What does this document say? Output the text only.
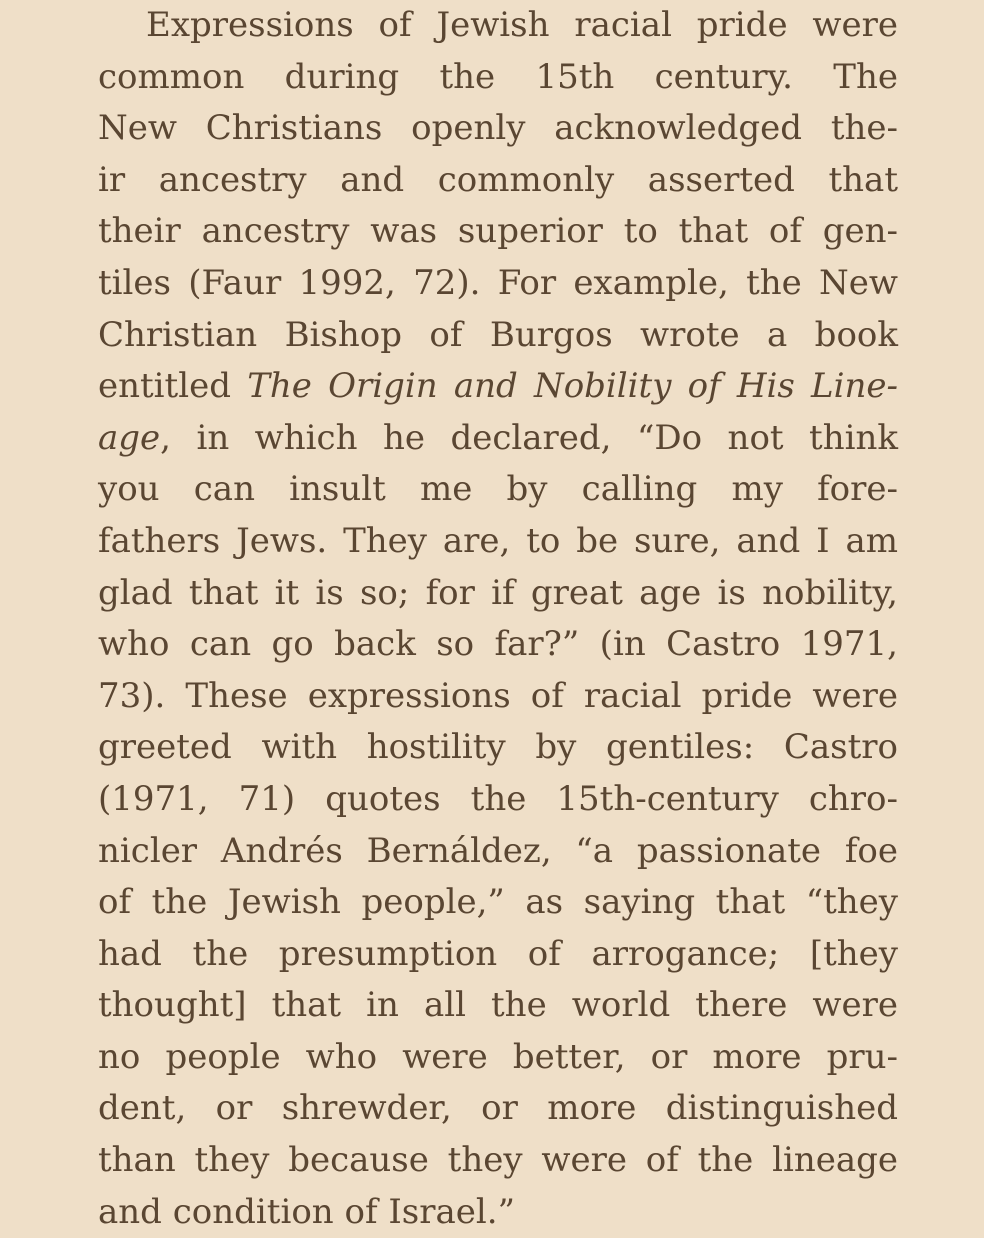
Expressions of Jewish racial pride were
common during the 15th century. The
New Christians openly acknowledged the-
ir ancestry and commonly asserted that
their ancestry was superior to that of gen-
tiles (Faur 1992, 72). For example, the New
Christian Bishop of Burgos wrote a book
entitled The Origin and Nobility of His Line-
age, in which he declared, “Do not think
you can insult me by calling my fore-
fathers Jews. They are, to be sure, and I am
glad that it is so; for if great age is nobility,
who can go back so far?” (in Castro 1971,
73). These expressions of racial pride were
greeted with hostility by gentiles: Castro
(1971, 71) quotes the 15th-century chro-
nicler Andrés Bernáldez, “a passionate foe
of the Jewish people,” as saying that “they
had the presumption of arrogance; [they
thought] that in all the world there were
no people who were better, or more pru-
dent, or shrewder, or more distinguished
than they because they were of the lineage
and condition of Israel.”
